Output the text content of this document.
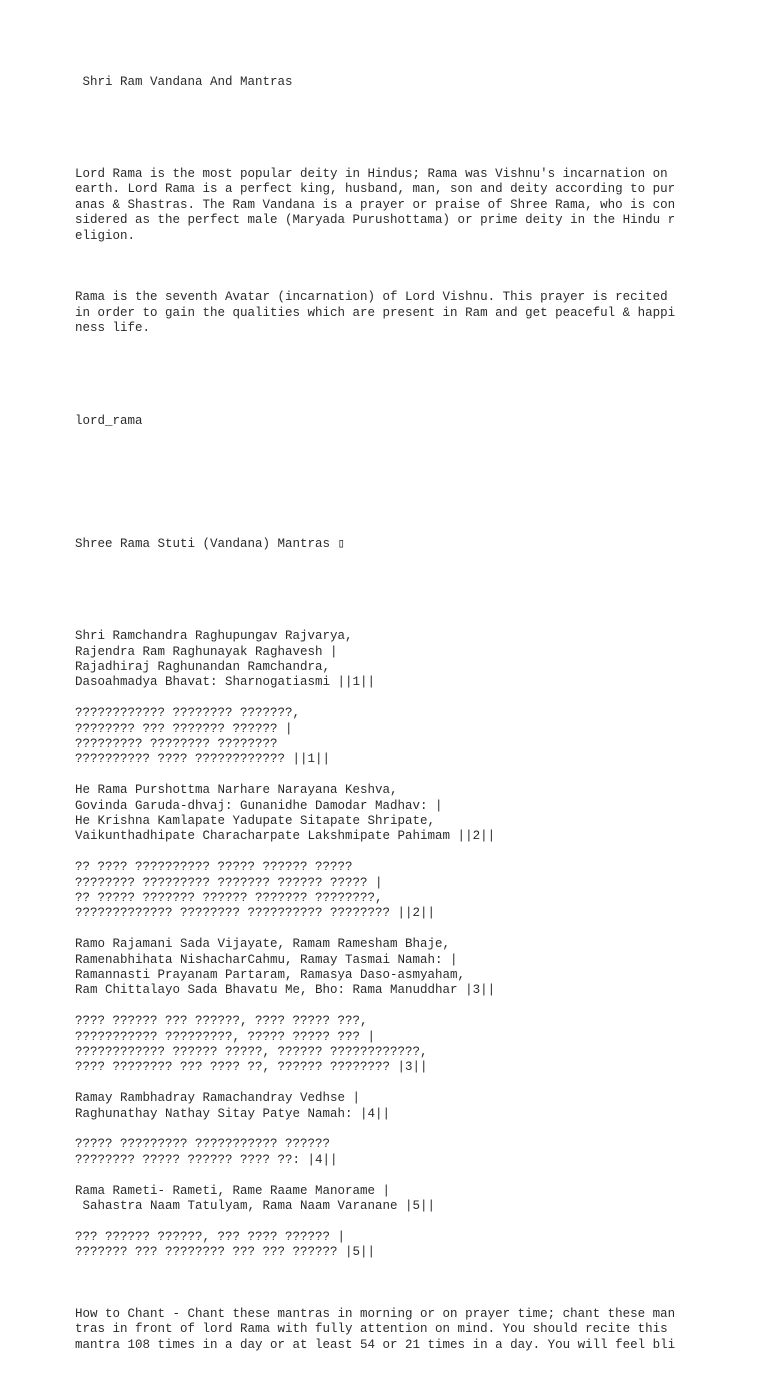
Shri Ram Vandana And Mantras

Lord Rama is the most popular deity in Hindus; Rama was Vishnu's incarnation on
earth. Lord Rama is a perfect king, husband, man, son and deity according to pur
anas & Shastras. The Ram Vandana is a prayer or praise of Shree Rama, who is con
sidered as the perfect male (Maryada Purushottama) or prime deity in the Hindu r
eligion.

Rama is the seventh Avatar (incarnation) of Lord Vishnu. This prayer is recited
in order to gain the qualities which are present in Ram and get peaceful & happi
ness life.

lord_rama

Shree Rama Stuti (Vandana) Mantras ▯

Shri Ramchandra Raghupungav Rajvarya,
Rajendra Ram Raghunayak Raghavesh |
Rajadhiraj Raghunandan Ramchandra,
Dasoahmadya Bhavat: Sharnogatiasmi ||1||
???????????? ???????? ???????,
???????? ??? ??????? ?????? |
????????? ???????? ????????
?????????? ???? ???????????? ||1||
He Rama Purshottma Narhare Narayana Keshva,
Govinda Garuda-dhvaj: Gunanidhe Damodar Madhav: |
He Krishna Kamlapate Yadupate Sitapate Shripate,
Vaikunthadhipate Characharpate Lakshmipate Pahimam ||2||
?? ???? ?????????? ????? ?????? ?????
???????? ????????? ??????? ?????? ????? |
?? ????? ??????? ?????? ??????? ????????,
????????????? ???????? ?????????? ???????? ||2||
Ramo Rajamani Sada Vijayate, Ramam Ramesham Bhaje,
Ramenabhihata NishacharCahmu, Ramay Tasmai Namah: |
Ramannasti Prayanam Partaram, Ramasya Daso-asmyaham,
Ram Chittalayo Sada Bhavatu Me, Bho: Rama Manuddhar |3||
???? ?????? ??? ??????, ???? ????? ???,
??????????? ?????????, ????? ????? ??? |
???????????? ?????? ?????, ?????? ????????????,
???? ???????? ??? ???? ??, ?????? ???????? |3||
Ramay Rambhadray Ramachandray Vedhse |
Raghunathay Nathay Sitay Patye Namah: |4||
????? ????????? ??????????? ??????
???????? ????? ?????? ???? ??: |4||
Rama Rameti- Rameti, Rame Raame Manorame |
Sahastra Naam Tatulyam, Rama Naam Varanane |5||
??? ?????? ??????, ??? ???? ?????? |
??????? ??? ???????? ??? ??? ?????? |5||

How to Chant - Chant these mantras in morning or on prayer time; chant these man
tras in front of lord Rama with fully attention on mind. You should recite this
mantra 108 times in a day or at least 54 or 21 times in a day. You will feel bli
